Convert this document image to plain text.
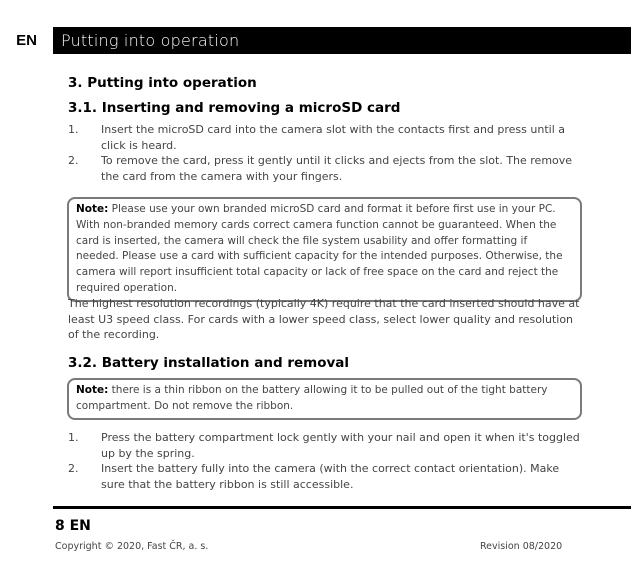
EN	Putting into operation
3. Putting into operation
3.1. Inserting and removing a microSD card
1. Insert the microSD card into the camera slot with the contacts first and press until a click is heard.
2. To remove the card, press it gently until it clicks and ejects from the slot. The remove the card from the camera with your fingers.
Note: Please use your own branded microSD card and format it before first use in your PC. With non-branded memory cards correct camera function cannot be guaranteed. When the card is inserted, the camera will check the file system usability and offer formatting if needed. Please use a card with sufficient capacity for the intended purposes. Otherwise, the camera will report insufficient total capacity or lack of free space on the card and reject the required operation.

The highest resolution recordings (typically 4K) require that the card inserted should have at least U3 speed class. For cards with a lower speed class, select lower quality and resolution of the recording.

3.2. Battery installation and removal
Note: there is a thin ribbon on the battery allowing it to be pulled out of the tight battery compartment. Do not remove the ribbon.
1. Press the battery compartment lock gently with your nail and open it when it's toggled up by the spring.
2. Insert the battery fully into the camera (with the correct contact orientation). Make sure that the battery ribbon is still accessible.
8 EN
Copyright © 2020, Fast ČR, a. s.	Revision 08/2020
